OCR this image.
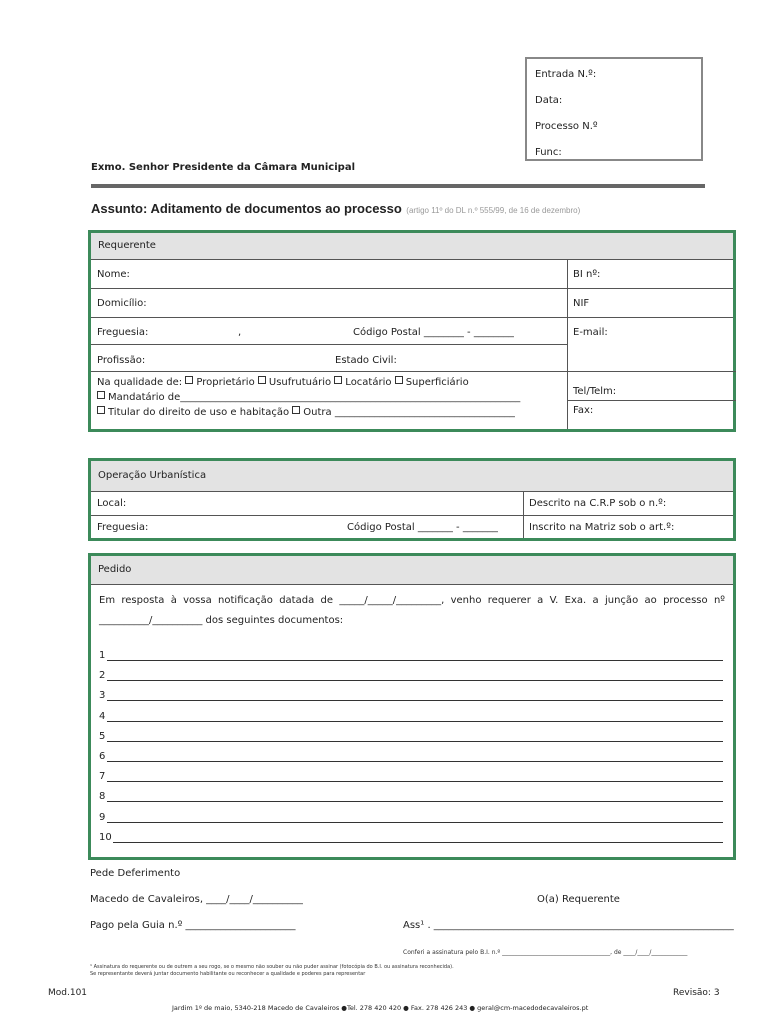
Entrada N.º:
Data:
Processo N.º
Func:
Exmo. Senhor Presidente da Câmara Municipal
Assunto: Aditamento de documentos ao processo (artigo 11º do DL n.º 555/99, de 16 de dezembro)
Requerente
Nome:	BI nº:
Domicílio:	NIF
Freguesia:	,	Código Postal ________ - ________	E-mail:
Profissão:	Estado Civil:
Na qualidade de: Proprietário Usufrutuário Locatário Superficiário
Mandatário de____________________________________________________________________
Titular do direito de uso e habitação Outra ____________________________________
Tel/Telm:
Fax:
Operação Urbanística
Local:	Descrito na C.R.P sob o n.º:
Freguesia:	Código Postal _______ - _______	Inscrito na Matriz sob o art.º:
Pedido
Em resposta à vossa notificação datada de _____/_____/_________, venho requerer a V. Exa. a junção ao processo nº __________/__________ dos seguintes documentos:
1
2
3
4
5
6
7
8
9
10
Pede Deferimento
Macedo de Cavaleiros, ____/____/__________	O(a) Requerente
Pago pela Guia n.º ______________________	Ass¹ . ____________________________________________________________
Conferi a assinatura pelo B.I. n.º ____________________________________, de ____/____/____________
¹ Assinatura do requerente ou de outrem a seu rogo, se o mesmo não souber ou não puder assinar (fotocópia do B.I. ou assinatura reconhecida).
Se representante deverá juntar documento habilitante ou reconhecer a qualidade e poderes para representar
Mod.101	Revisão: 3
Jardim 1º de maio, 5340-218 Macedo de Cavaleiros ●Tel. 278 420 420 ● Fax. 278 426 243 ● geral@cm-macedodecavaleiros.pt
